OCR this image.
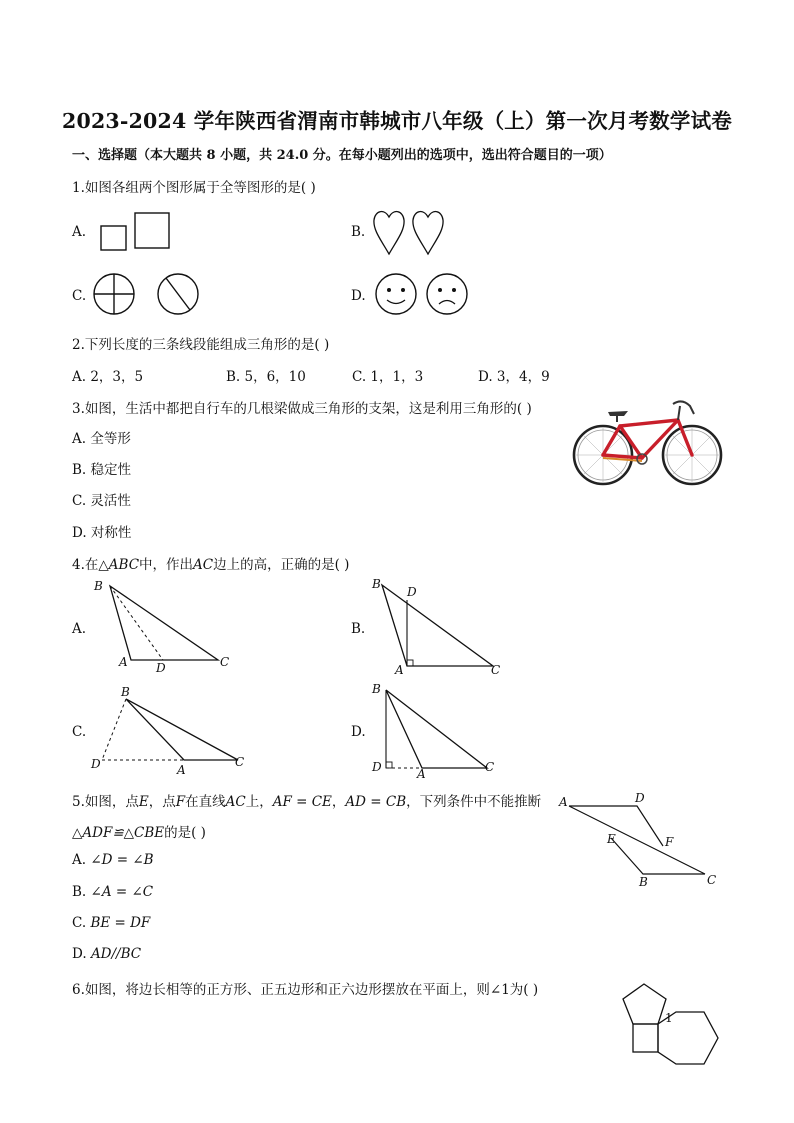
2023-2024 学年陕西省渭南市韩城市八年级（上）第一次月考数学试卷
一、选择题（本大题共 8 小题，共 24.0 分。在每小题列出的选项中，选出符合题目的一项）
1.如图各组两个图形属于全等图形的是( )
A.	B.
C.	D.
2.下列长度的三条线段能组成三角形的是( )
A. 2，3，5	B. 5，6，10	C. 1，1，3	D. 3，4，9
3.如图，生活中都把自行车的几根梁做成三角形的支架，这是利用三角形的( )
A. 全等形
B. 稳定性
C. 灵活性
D. 对称性
4.在△ABC中，作出AC边上的高，正确的是( )
A.
B
A D	C
B.
B
D
A	C
C.
B
D	A
C
D.
B
D	A	C
5.如图，点E，点F在直线AC上，AF = CE，AD = CB，下列条件中不能推断
△ADF≌△CBE的是( )
A. ∠D = ∠B
B. ∠A = ∠C
C. BE = DF
D. AD//BC
A	D
E	F
B	C
6.如图，将边长相等的正方形、正五边形和正六边形摆放在平面上，则∠1为( )
1
